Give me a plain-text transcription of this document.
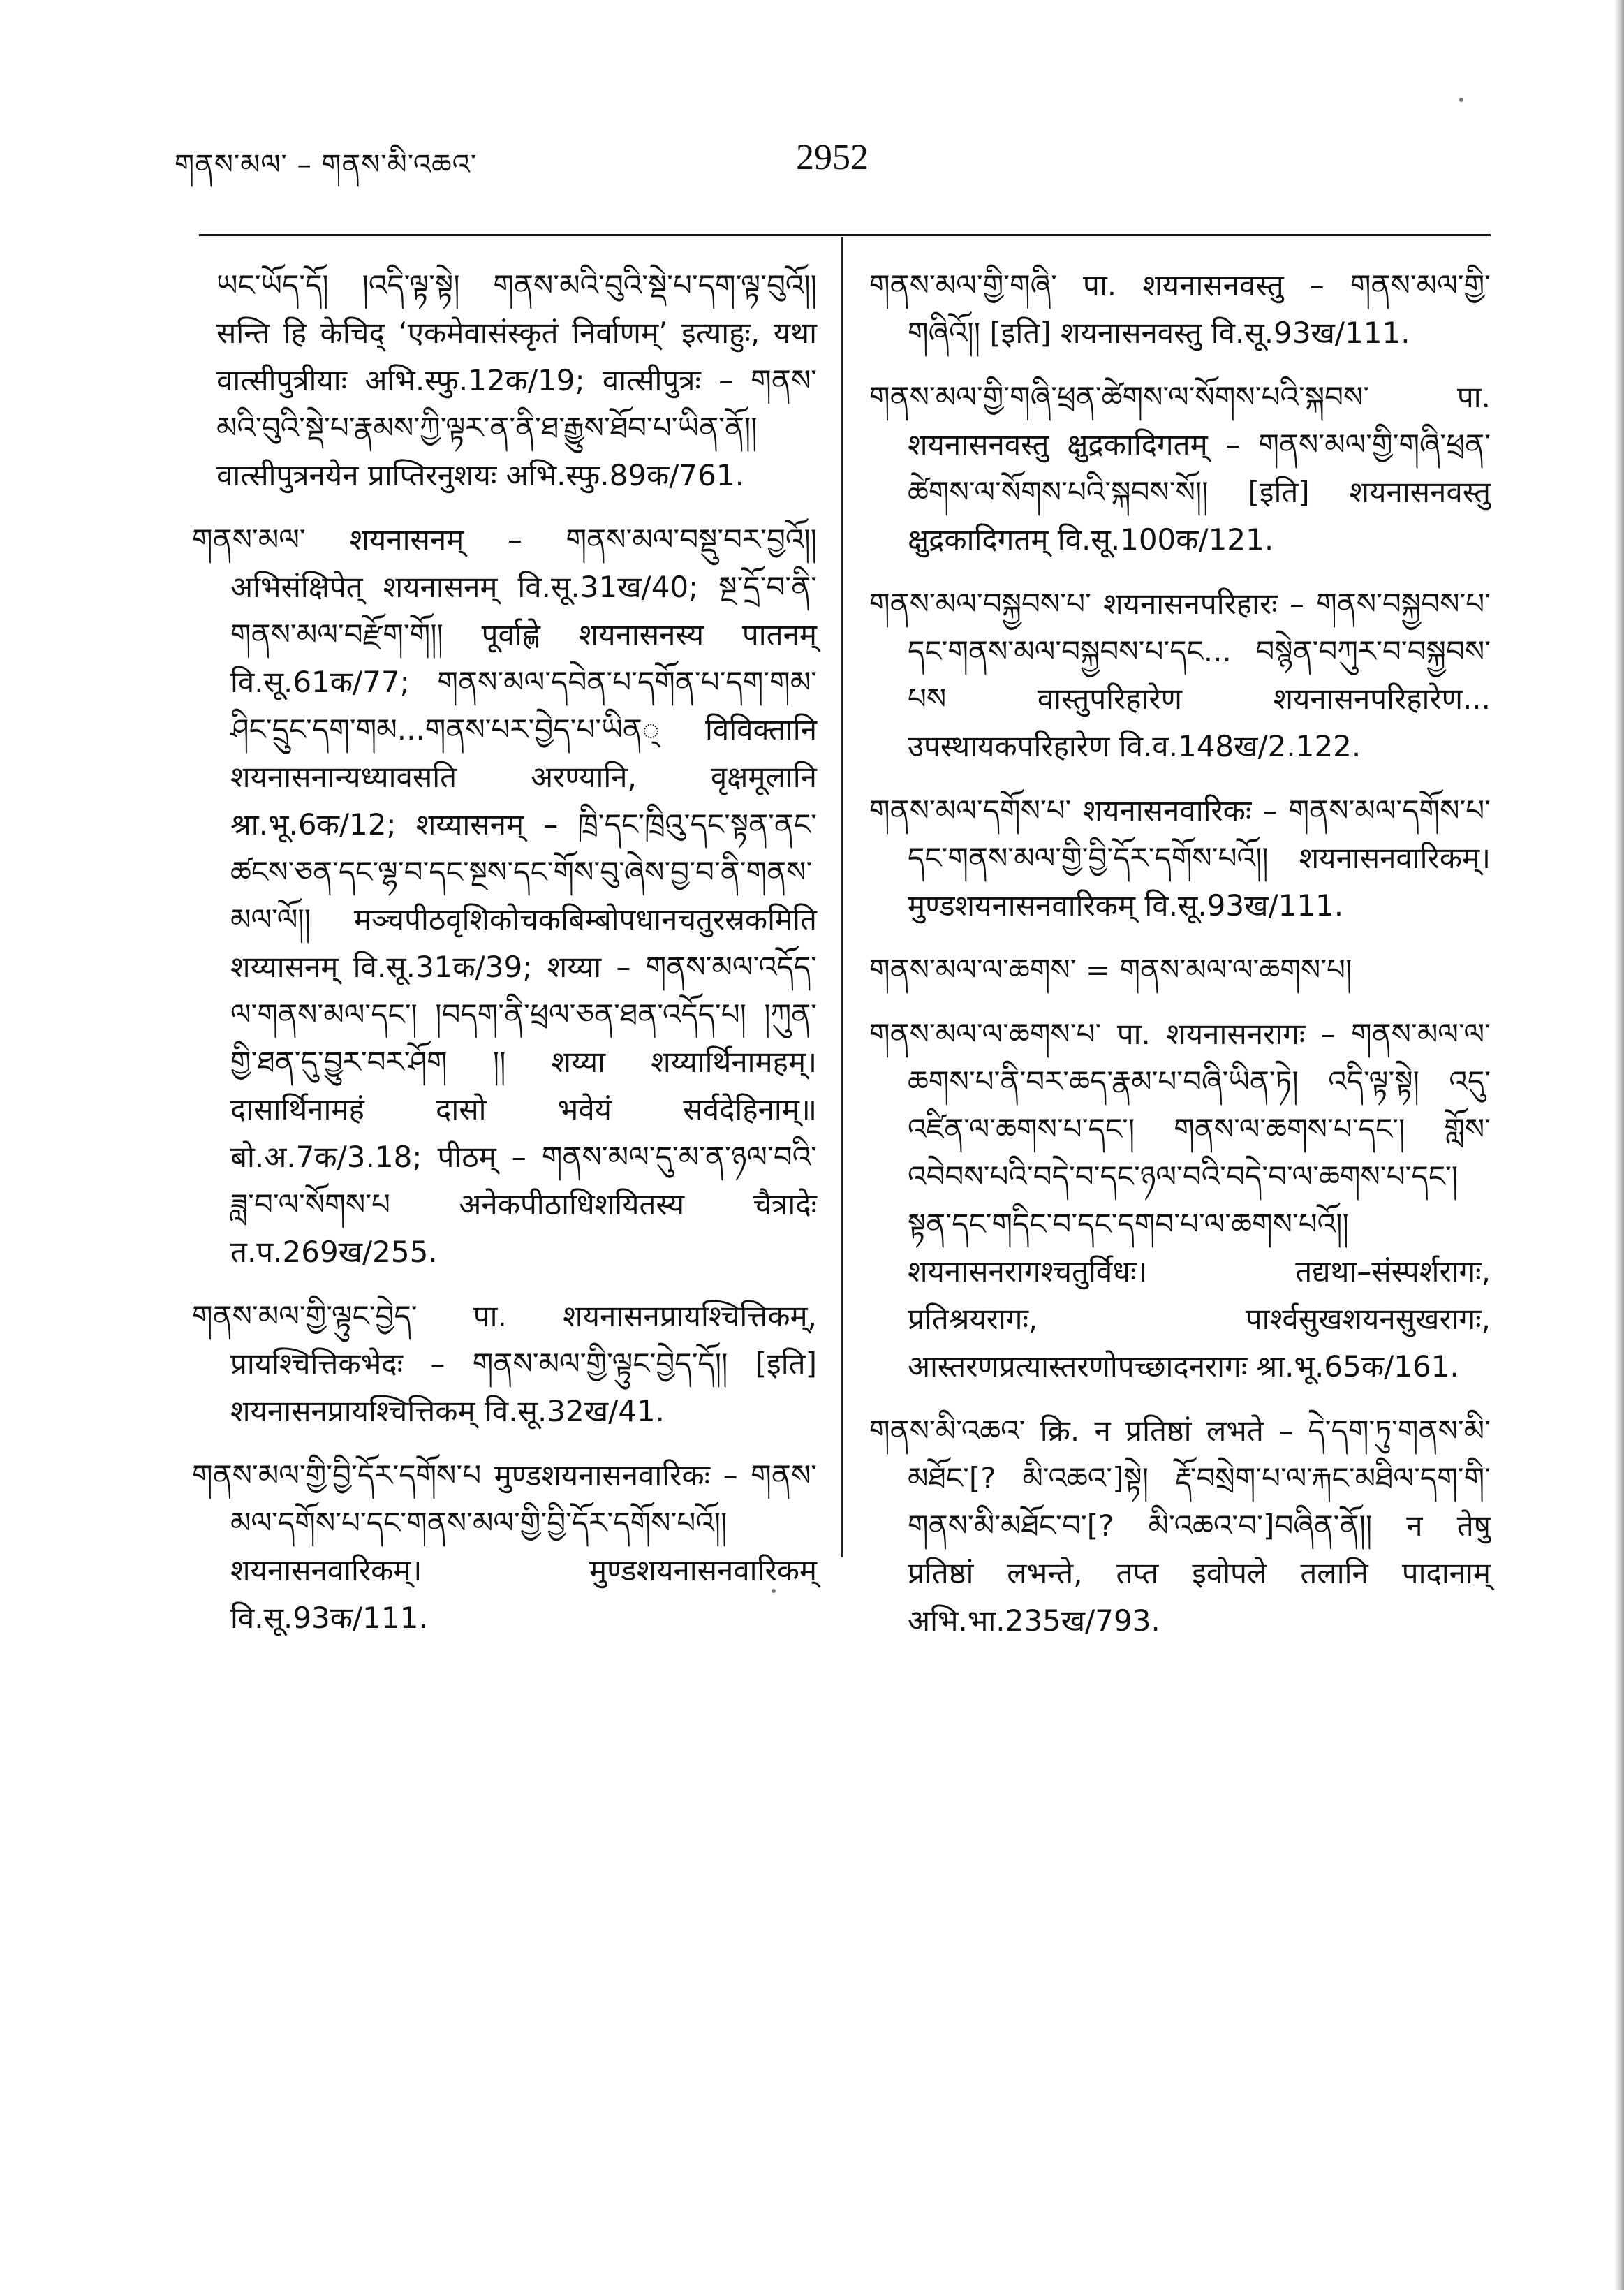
གནས་མལ་ – གནས་མི་འཆའ་	2952

ཡང་ཡོད་དོ། །འདི་ལྟ་སྟེ། གནས་མའི་བུའི་སྡེ་པ་དག་ལྟ་བུའོ།། सन्ति हि केचिद् ‘एकमेवासंस्कृतं निर्वाणम्’ इत्याहुः, यथा वात्सीपुत्रीयाः अभि.स्फु.12क/19; वात्सीपुत्रः – གནས་མའི་བུའི་སྡེ་པ་རྣམས་ཀྱི་ལྟར་ན་ནི་ཐ་རྒྱུས་ཐོབ་པ་ཡིན་ནོ།། वात्सीपुत्रनयेन प्राप्तिरनुशयः अभि.स्फु.89क/761.

གནས་མལ་ शयनासनम् – གནས་མལ་བསྡུ་བར་བྱའོ།། अभिसंक्षिपेत् शयनासनम् वि.सू.31ख/40; སྔ་དྲོ་བ་ནི་གནས་མལ་བརྫོག་གོ།། पूर्वाह्णे शयनासनस्य पातनम् वि.सू.61क/77; གནས་མལ་དབེན་པ་དགོན་པ་དག་གམ་ཤིང་དྲུང་དག་གམ...གནས་པར་བྱེད་པ་ཡིན् विविक्तानि शयनासनान्यध्यावसति अरण्यानि, वृक्षमूलानि श्रा.भू.6क/12; शय्यासनम् – ཁྲི་དང་ཁྲིའུ་དང་སྟན་ནང་ཚངས་ཅན་དང་ལྷ་བ་དང་སྔས་དང་གོས་བུ་ཞེས་བྱ་བ་ནི་གནས་མལ་ལོ།། मञ्चपीठवृशिकोचकबिम्बोपधानचतुरस्रकमिति शय्यासनम् वि.सू.31क/39; शय्या – གནས་མལ་འདོད་ལ་གནས་མལ་དང་། །བདག་ནི་ཕྲལ་ཅན་ཐན་འདོད་པ། །ཀུན་གྱི་ཐན་དུ་བྱུར་བར་ཤོག །། शय्या शय्यार्थिनामहम्। दासार्थिनामहं दासो भवेयं सर्वदेहिनाम्॥ बो.अ.7क/3.18; पीठम् – གནས་མལ་དུ་མ་ན་ཉལ་བའི་ཟླ་བ་ལ་སོགས་པ अनेकपीठाधिशयितस्य चैत्रादेः त.प.269ख/255.

གནས་མལ་གྱི་ལྟུང་བྱེད་ पा. शयनासनप्रायश्चित्तिकम्, प्रायश्चित्तिकभेदः – གནས་མལ་གྱི་ལྟུང་བྱེད་དོ།། [इति] शयनासनप्रायश्चित्तिकम् वि.सू.32ख/41.

གནས་མལ་གྱི་བྱི་དོར་དགོས་པ मुण्डशयनासनवारिकः – གནས་མལ་དགོས་པ་དང་གནས་མལ་གྱི་བྱི་དོར་དགོས་པའོ།། शयनासनवारिकम्। मुण्डशयनासनवारिकम् वि.सू.93क/111.

གནས་མལ་གྱི་གཞི་ पा. शयनासनवस्तु – གནས་མལ་གྱི་གཞིའོ།། [इति] शयनासनवस्तु वि.सू.93ख/111.

གནས་མལ་གྱི་གཞི་ཕྲན་ཚེགས་ལ་སོགས་པའི་སྐབས་ पा. शयनासनवस्तु क्षुद्रकादिगतम् – གནས་མལ་གྱི་གཞི་ཕྲན་ཚེགས་ལ་སོགས་པའི་སྐབས་སོ།། [इति] शयनासनवस्तु क्षुद्रकादिगतम् वि.सू.100क/121.

གནས་མལ་བསྐྱབས་པ་ शयनासनपरिहारः – གནས་བསྐྱབས་པ་དང་གནས་མལ་བསྐྱབས་པ་དང... བསྙེན་བཀུར་བ་བསྐྱབས་པས वास्तुपरिहारेण शयनासनपरिहारेण... उपस्थायकपरिहारेण वि.व.148ख/2.122.

གནས་མལ་དགོས་པ་ शयनासनवारिकः – གནས་མལ་དགོས་པ་དང་གནས་མལ་གྱི་བྱི་དོར་དགོས་པའོ།། शयनासनवारिकम्। मुण्डशयनासनवारिकम् वि.सू.93ख/111.

གནས་མལ་ལ་ཆགས་ = གནས་མལ་ལ་ཆགས་པ།

གནས་མལ་ལ་ཆགས་པ་ पा. शयनासनरागः – གནས་མལ་ལ་ཆགས་པ་ནི་བར་ཆད་རྣམ་པ་བཞི་ཡིན་ཏེ། འདི་ལྟ་སྟེ། འདུ་འཛིན་ལ་ཆགས་པ་དང་། གནས་ལ་ཆགས་པ་དང་། གློས་འབེབས་པའི་བདེ་བ་དང་ཉལ་བའི་བདེ་བ་ལ་ཆགས་པ་དང་། སྟན་དང་གདིང་བ་དང་དགབ་པ་ལ་ཆགས་པའོ།། शयनासनरागश्चतुर्विधः। तद्यथा–संस्पर्शरागः, प्रतिश्रयरागः, पार्श्वसुखशयनसुखरागः, आस्तरणप्रत्यास्तरणोपच्छादनरागः श्रा.भू.65क/161.

གནས་མི་འཆའ་ क्रि. न प्रतिष्ठां लभते – དེ་དག་ཏུ་གནས་མི་མཐོང་[? མི་འཆའ་]སྟེ། རྡོ་བསྲེག་པ་ལ་རྐང་མཐིལ་དག་གི་གནས་མི་མཐོང་བ་[? མི་འཆའ་བ་]བཞིན་ནོ།། न तेषु प्रतिष्ठां लभन्ते, तप्त इवोपले तलानि पादानाम् अभि.भा.235ख/793.
